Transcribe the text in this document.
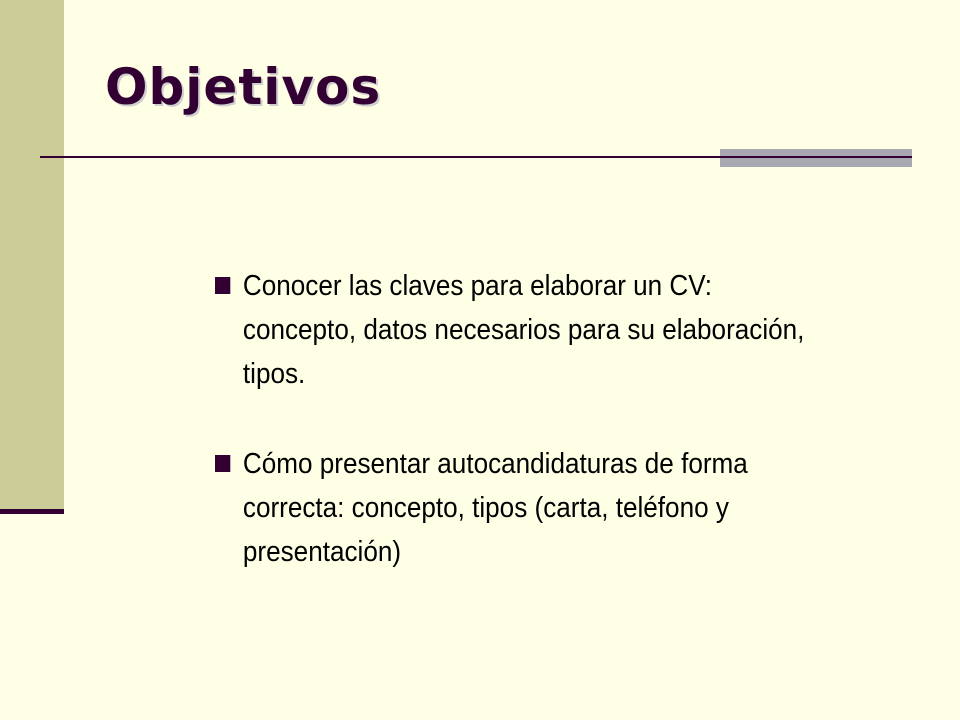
Objetivos
Conocer las claves para elaborar un CV: concepto, datos necesarios para su elaboración, tipos.
Cómo presentar autocandidaturas de forma correcta: concepto, tipos (carta, teléfono y presentación)
